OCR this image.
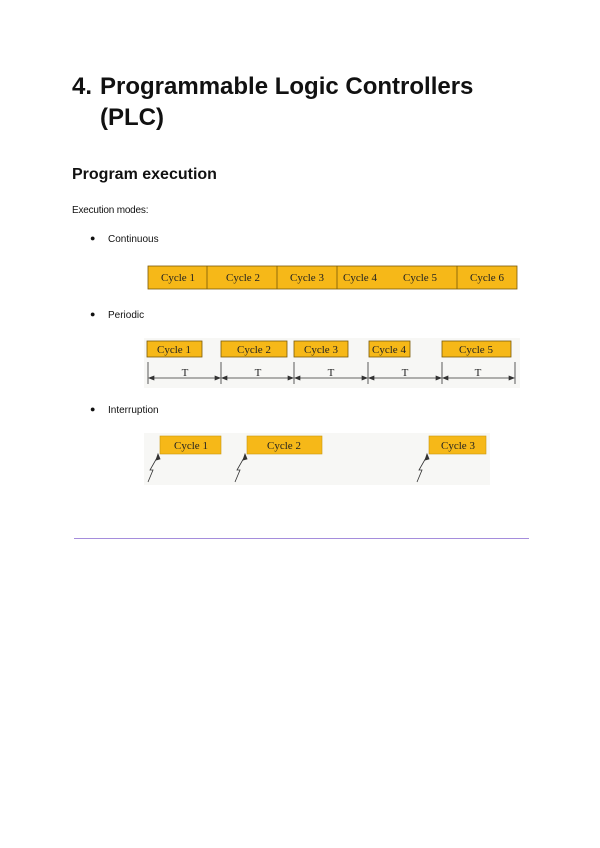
4. Programmable Logic Controllers
(PLC)
Program execution
Execution modes:
● Continuous
Cycle 1	Cycle 2	Cycle 3 Cycle 4 Cycle 5	Cycle 6
● Periodic
Cycle 1	Cycle 2	Cycle 3	Cycle 4	Cycle 5
T	T	T	T	T
● Interruption
Cycle 1	Cycle 2	Cycle 3
